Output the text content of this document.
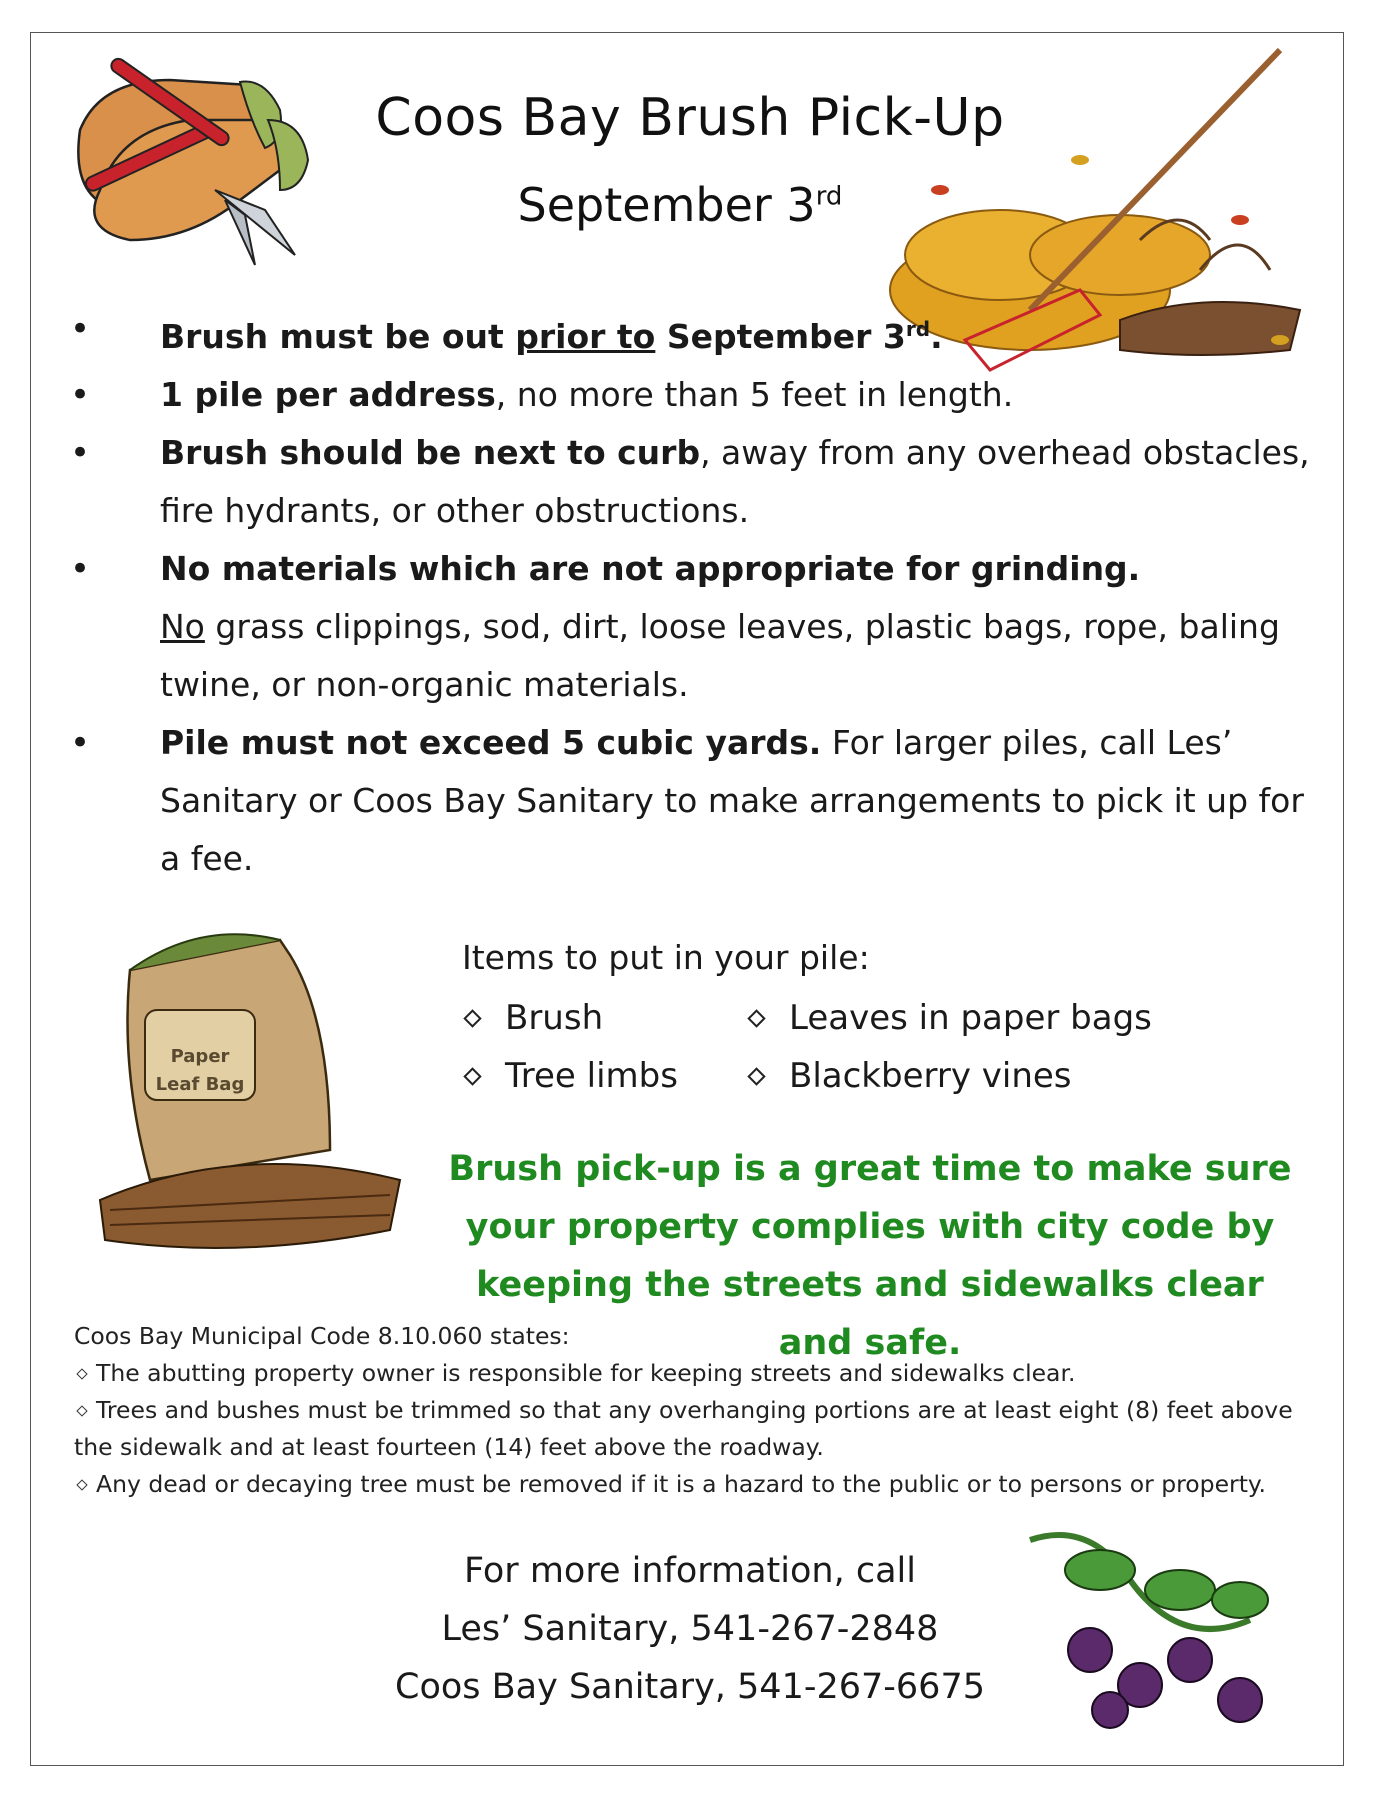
Coos Bay Brush Pick-Up
September 3rd
•	Brush must be out prior to September 3rd.
•	1 pile per address, no more than 5 feet in length.
•	Brush should be next to curb, away from any overhead obstacles, fire hydrants, or other obstructions.
•	No materials which are not appropriate for grinding.
No grass clippings, sod, dirt, loose leaves, plastic bags, rope, baling twine, or non-organic materials.
•	Pile must not exceed 5 cubic yards. For larger piles, call Les’ Sanitary or Coos Bay Sanitary to make arrangements to pick it up for a fee.
Paper
Leaf Bag
Items to put in your pile:
Brush
Tree limbs
Leaves in paper bags
Blackberry vines
Brush pick-up is a great time to make sure your property complies with city code by keeping the streets and sidewalks clear and safe.
Coos Bay Municipal Code 8.10.060 states:
The abutting property owner is responsible for keeping streets and sidewalks clear.
Trees and bushes must be trimmed so that any overhanging portions are at least eight (8) feet above the sidewalk and at least fourteen (14) feet above the roadway.
Any dead or decaying tree must be removed if it is a hazard to the public or to persons or property.
For more information, call
Les’ Sanitary, 541-267-2848
Coos Bay Sanitary, 541-267-6675
